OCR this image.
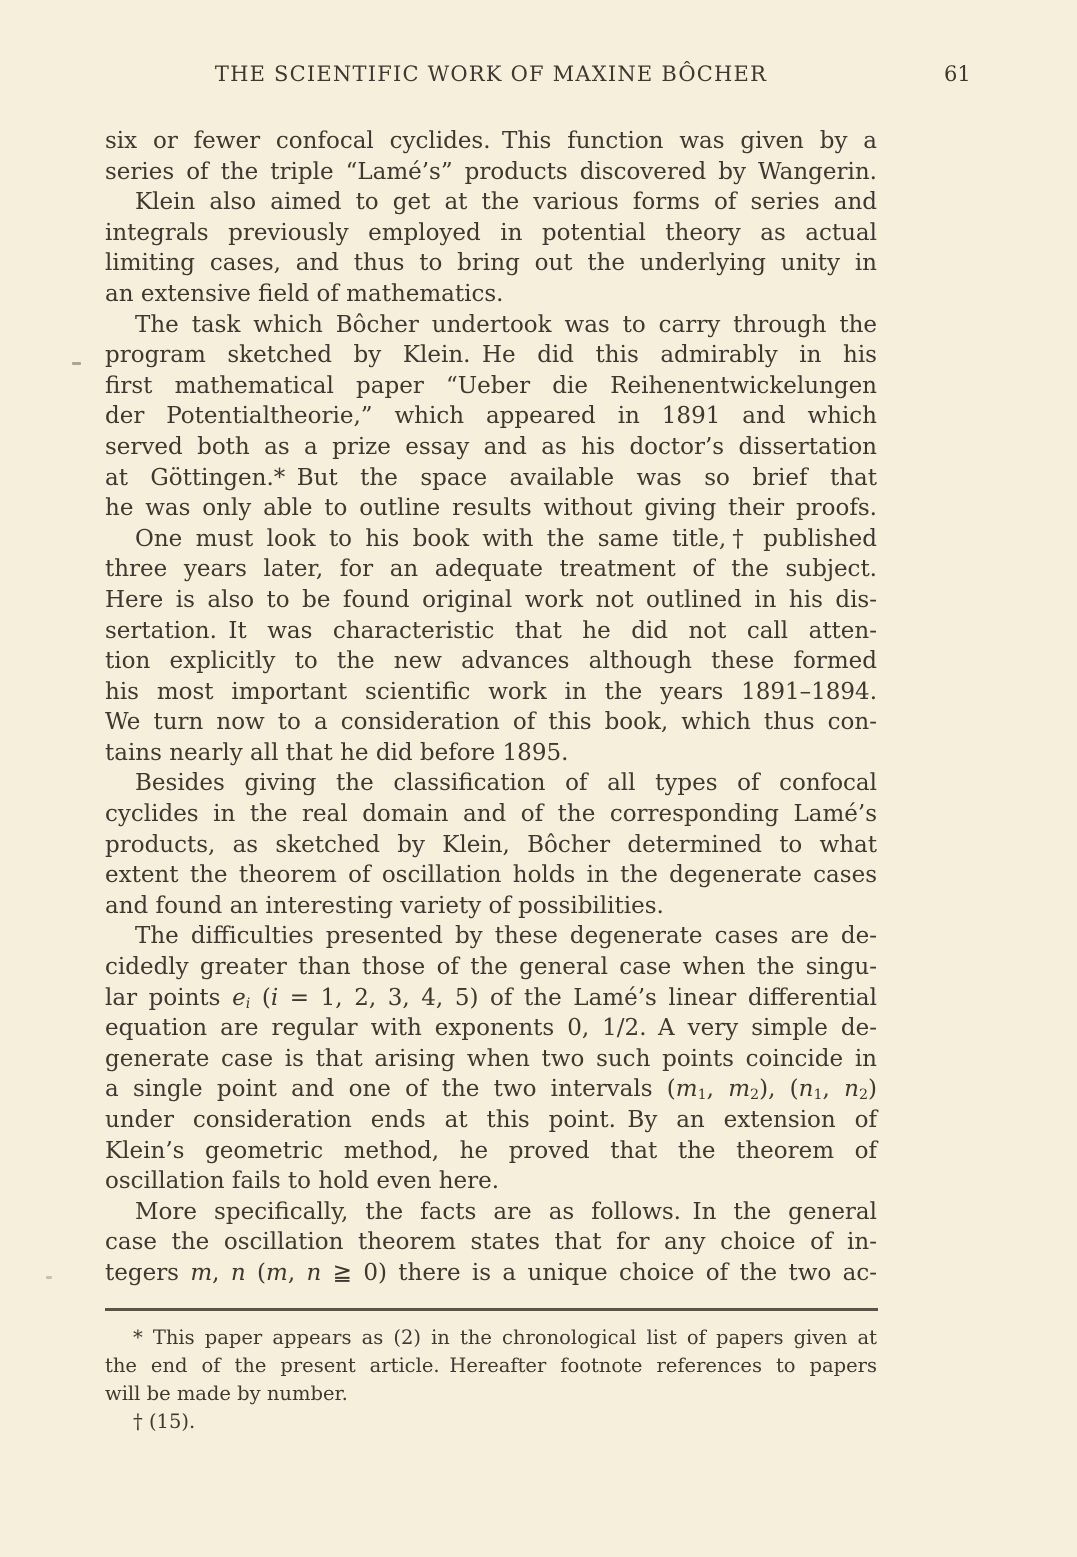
THE SCIENTIFIC WORK OF MAXINE BÔCHER	61
six or fewer confocal cyclides. This function was given by a
series of the triple “Lamé’s” products discovered by Wangerin.
Klein also aimed to get at the various forms of series and
integrals previously employed in potential theory as actual
limiting cases, and thus to bring out the underlying unity in
an extensive field of mathematics.
The task which Bôcher undertook was to carry through the
program sketched by Klein. He did this admirably in his
first mathematical paper “Ueber die Reihenentwickelungen
der Potentialtheorie,” which appeared in 1891 and which
served both as a prize essay and as his doctor’s dissertation
at Göttingen.* But the space available was so brief that
he was only able to outline results without giving their proofs.
One must look to his book with the same title,† published
three years later, for an adequate treatment of the subject.
Here is also to be found original work not outlined in his dis-
sertation. It was characteristic that he did not call atten-
tion explicitly to the new advances although these formed
his most important scientific work in the years 1891–1894.
We turn now to a consideration of this book, which thus con-
tains nearly all that he did before 1895.
Besides giving the classification of all types of confocal
cyclides in the real domain and of the corresponding Lamé’s
products, as sketched by Klein, Bôcher determined to what
extent the theorem of oscillation holds in the degenerate cases
and found an interesting variety of possibilities.
The difficulties presented by these degenerate cases are de-
cidedly greater than those of the general case when the singu-
lar points $e_i$ (i = 1, 2, 3, 4, 5) of the Lamé’s linear differential
equation are regular with exponents 0, 1/2. A very simple de-
generate case is that arising when two such points coincide in
a single point and one of the two intervals ($m_1$, $m_2$), ($n_1$, $n_2$)
under consideration ends at this point. By an extension of
Klein’s geometric method, he proved that the theorem of
oscillation fails to hold even here.
More specifically, the facts are as follows. In the general
case the oscillation theorem states that for any choice of in-
tegers m, n (m, n ≧ 0) there is a unique choice of the two ac-
* This paper appears as (2) in the chronological list of papers given at
the end of the present article. Hereafter footnote references to papers
will be made by number.
† (15).
